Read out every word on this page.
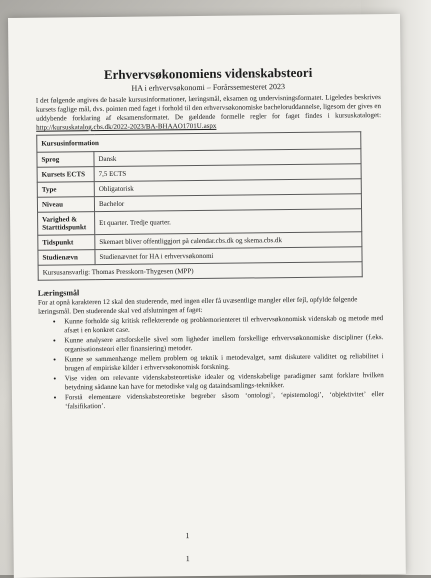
Erhvervsøkonomiens videnskabsteori
HA i erhvervsøkonomi – Forårssemesteret 2023

I det følgende angives de basale kursusinformationer, læringsmål, eksamen og undervisningsformatet. Ligeledes beskrives kursets faglige mål, dvs. pointen med faget i forhold til den erhvervsøkonomiske bacheloruddannelse, ligesom der gives en uddybende forklaring af eksamensformatet. De gældende formelle regler for faget findes i kursuskataloget: http://kursuskatalog.cbs.dk/2022-2023/BA-BHAAO1701U.aspx

Kursusinformation	
Sprog	Dansk
Kursets ECTS	7,5 ECTS
Type	Obligatorisk
Niveau	Bachelor
Varighed & Starttidspunkt	Et quarter. Tredje quarter.
Tidspunkt	Skemaet bliver offentliggjort på calendar.cbs.dk og skema.cbs.dk
Studienævn	Studienævnet for HA i erhvervsøkonomi
Kursusansvarlig: Thomas Presskorn-Thygesen (MPP)	
Læringsmål

For at opnå karakteren 12 skal den studerende, med ingen eller få uvæsentlige mangler eller fejl, opfylde følgende læringsmål. Den studerende skal ved afslutningen af faget:

• Kunne forholde sig kritisk reflekterende og problemorienteret til erhvervsøkonomisk videnskab og metode med afsæt i en konkret case.
• Kunne analysere artsforskelle såvel som ligheder imellem forskellige erhvervsøkonomiske discipliner (f.eks. organisationsteori eller finansiering) metoder.
• Kunne se sammenhænge mellem problem og teknik i metodevalget, samt diskutere validitet og reliabilitet i brugen af empiriske kilder i erhvervsøkonomisk forskning.
• Vise viden om relevante videnskabsteoretiske idealer og videnskabelige paradigmer samt forklare hvilken betydning sådanne kan have for metodiske valg og dataindsamlings-teknikker.
• Forstå elementære videnskabsteoretiske begreber såsom ‘ontologi’, ‘epistemologi’, ‘objektivitet’ eller ‘falsifikation’.
1
1
